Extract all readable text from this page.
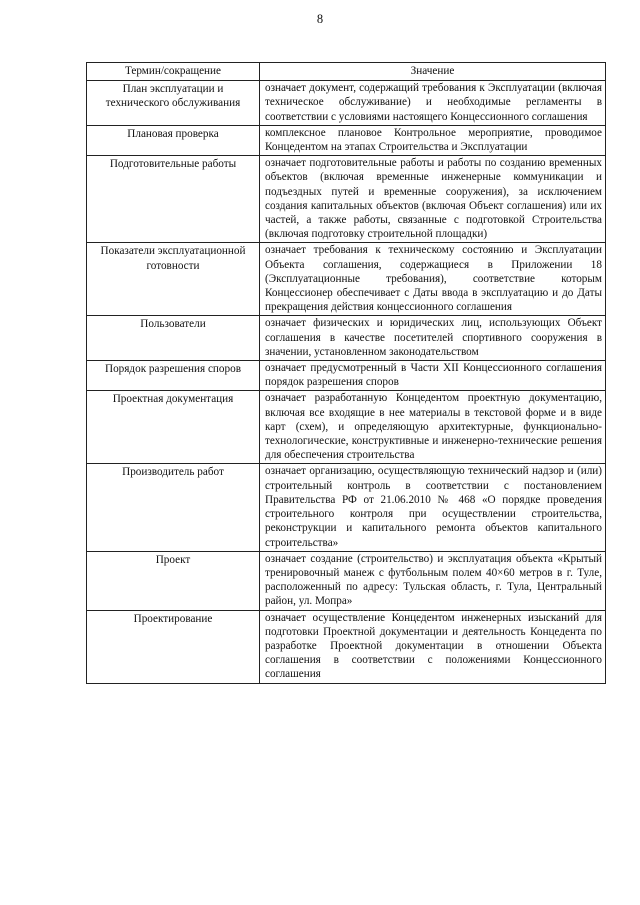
8
Термин/сокращение	Значение
План эксплуатации и технического обслуживания	означает документ, содержащий требования к Эксплуатации (включая техническое обслуживание) и необходимые регламенты в соответствии с условиями настоящего Концессионного соглашения
Плановая проверка	комплексное плановое Контрольное мероприятие, проводимое Концедентом на этапах Строительства и Эксплуатации
Подготовительные работы	означает подготовительные работы и работы по созданию временных объектов (включая временные инженерные коммуникации и подъездных путей и временные сооружения), за исключением создания капитальных объектов (включая Объект соглашения) или их частей, а также работы, связанные с подготовкой Строительства (включая подготовку строительной площадки)
Показатели эксплуатационной готовности	означает требования к техническому состоянию и Эксплуатации Объекта соглашения, содержащиеся в Приложении 18 (Эксплуатационные требования), соответствие которым Концессионер обеспечивает с Даты ввода в эксплуатацию и до Даты прекращения действия концессионного соглашения
Пользователи	означает физических и юридических лиц, использующих Объект соглашения в качестве посетителей спортивного сооружения в значении, установленном законодательством
Порядок разрешения споров	означает предусмотренный в Части XII Концессионного соглашения порядок разрешения споров
Проектная документация	означает разработанную Концедентом проектную документацию, включая все входящие в нее материалы в текстовой форме и в виде карт (схем), и определяющую архитектурные, функционально-технологические, конструктивные и инженерно-технические решения для обеспечения строительства
Производитель работ	означает организацию, осуществляющую технический надзор и (или) строительный контроль в соответствии с постановлением Правительства РФ от 21.06.2010 № 468 «О порядке проведения строительного контроля при осуществлении строительства, реконструкции и капитального ремонта объектов капитального строительства»
Проект	означает создание (строительство) и эксплуатация объекта «Крытый тренировочный манеж с футбольным полем 40×60 метров в г. Туле, расположенный по адресу: Тульская область, г. Тула, Центральный район, ул. Мопра»
Проектирование	означает осуществление Концедентом инженерных изысканий для подготовки Проектной документации и деятельность Концедента по разработке Проектной документации в отношении Объекта соглашения в соответствии с положениями Концессионного соглашения
